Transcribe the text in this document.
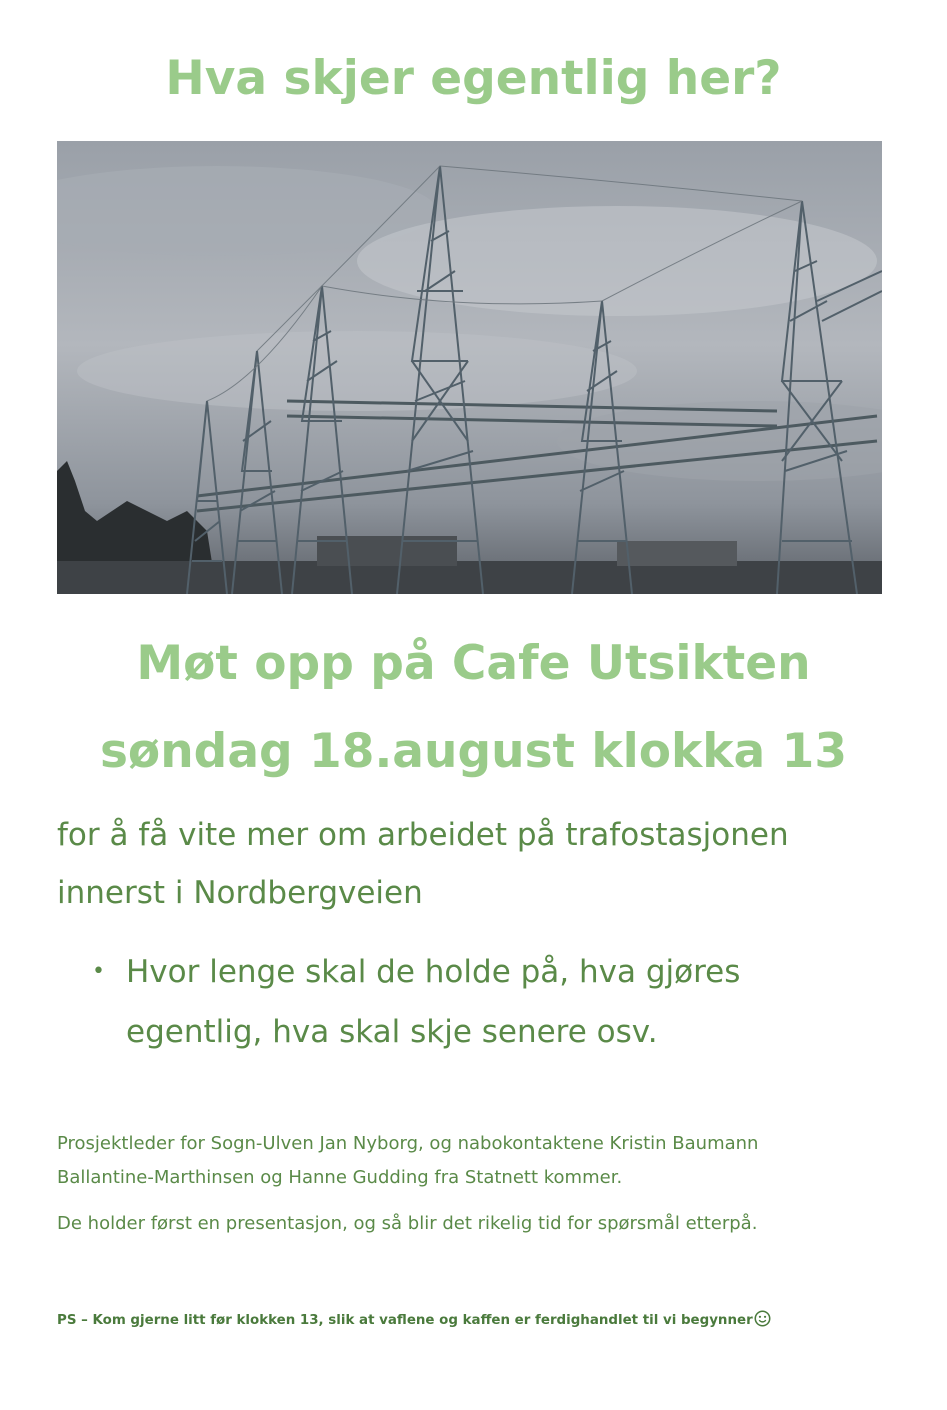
Hva skjer egentlig her?
Møt opp på Cafe Utsikten
søndag 18.august klokka 13

for å få vite mer om arbeidet på trafostasjonen
innerst i Nordbergveien

• Hvor lenge skal de holde på, hva gjøres
egentlig, hva skal skje senere osv.

Prosjektleder for Sogn-Ulven Jan Nyborg, og nabokontaktene Kristin Baumann
Ballantine-Marthinsen og Hanne Gudding fra Statnett kommer.

De holder først en presentasjon, og så blir det rikelig tid for spørsmål etterpå.

PS – Kom gjerne litt før klokken 13, slik at vaflene og kaffen er ferdighandlet til vi begynner
